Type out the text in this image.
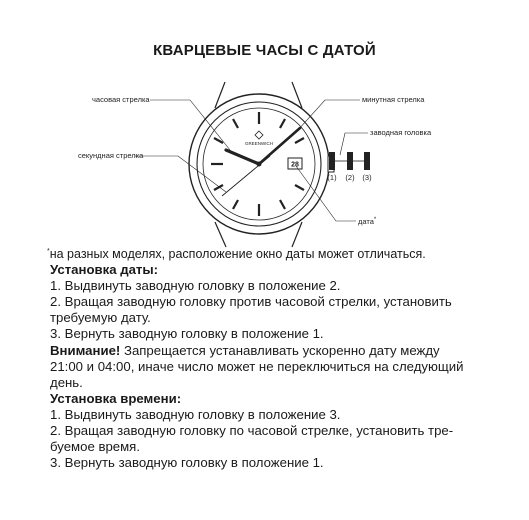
КВАРЦЕВЫЕ ЧАСЫ С ДАТОЙ
28
GREENWICH
часовая стрелка	минутная стрелка
секундная стрелка
заводная головка
дата*
(1) (2) (3)

*на разных моделях, расположение окно даты может отличаться.

Установка даты:

1. Выдвинуть заводную головку в положение 2.

2. Вращая заводную головку против часовой стрелки, установить

требуемую дату.

3. Вернуть заводную головку в положение 1.

Внимание! Запрещается устанавливать ускоренно дату между

21:00 и 04:00, иначе число может не переключиться на следующий

день.

Установка времени:

1. Выдвинуть заводную головку в положение 3.

2. Вращая заводную головку по часовой стрелке, установить тре-

буемое время.

3. Вернуть заводную головку в положение 1.
